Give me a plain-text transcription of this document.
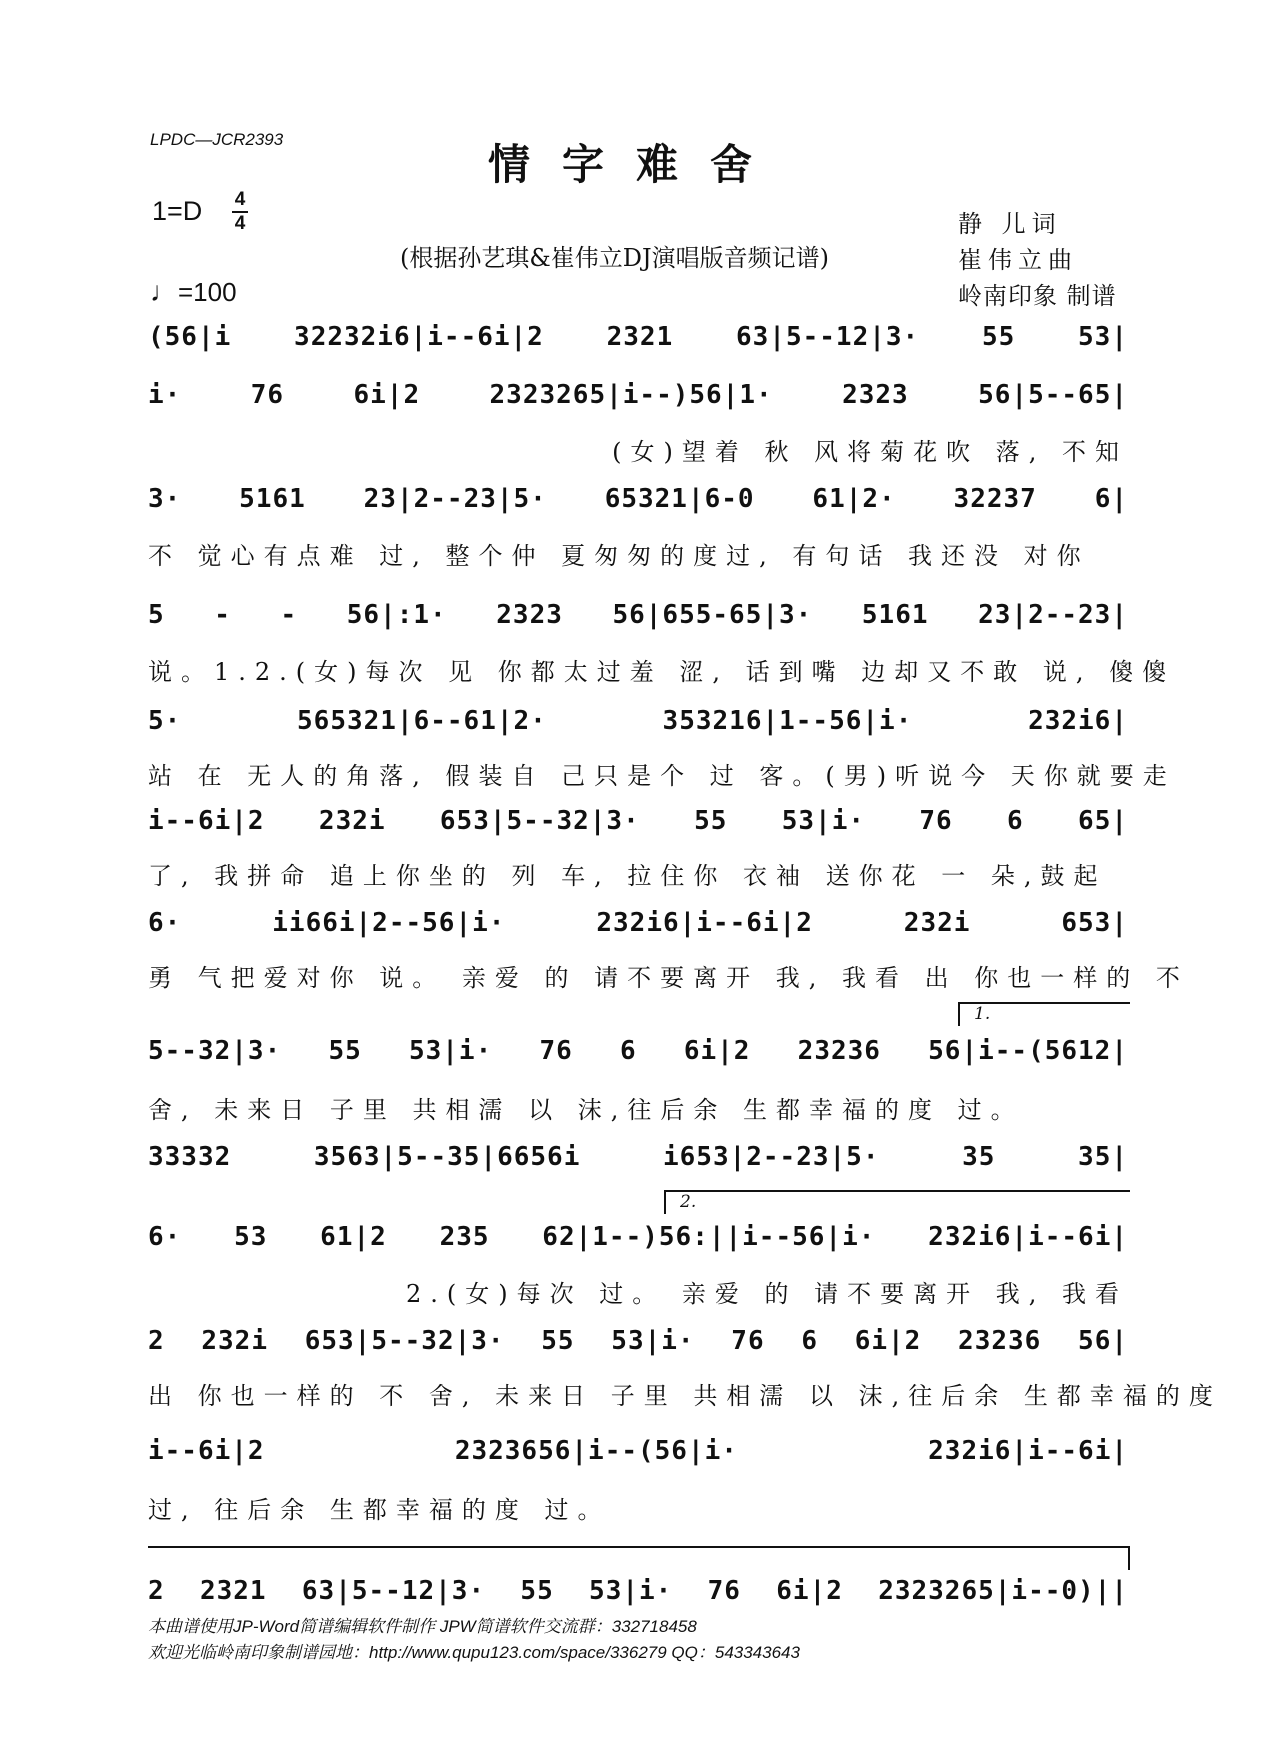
LPDC—JCR2393
情字难舍
1=D 4
4
♩=100
(根据孙艺琪&崔伟立DJ演唱版音频记谱)
静 儿词
崔伟立曲
岭南印象 制谱
(56|i 32232i6|i--6i|2 2321 63|5--12|3· 55 53|
i· 76 6i|2 2323265|i--)56|1· 2323 56|5--65|
(女)望着 秋 风将菊花吹 落, 不知
3· 5161 23|2--23|5· 65321|6-0 61|2· 32237 6|
不 觉心有点难 过, 整个仲 夏匆匆的度过, 有句话 我还没 对你
5 - - 56|:1· 2323 56|655-65|3· 5161 23|2--23|
说。1.2.(女)每次 见 你都太过羞 涩, 话到嘴 边却又不敢 说, 傻傻
5· 565321|6--61|2· 353216|1--56|i· 232i6|
站 在 无人的角落, 假装自 己只是个 过 客。(男)听说今 天你就要走
i--6i|2 232i 653|5--32|3· 55 53|i· 76 6 65|
了, 我拼命 追上你坐的 列 车, 拉住你 衣袖 送你花 一 朵,鼓起
6· ii66i|2--56|i· 232i6|i--6i|2 232i 653|
勇 气把爱对你 说。 亲爱 的 请不要离开 我, 我看 出 你也一样的 不
1.
5--32|3· 55 53|i· 76 6 6i|2 23236 56|i--(5612|
舍, 未来日 子里 共相濡 以 沫,往后余 生都幸福的度 过。
33332 3563|5--35|6656i i653|2--23|5· 35 35|
2.
6· 53 61|2 235 62|1--)56:||i--56|i· 232i6|i--6i|
2.(女)每次 过。 亲爱 的 请不要离开 我, 我看
2 232i 653|5--32|3· 55 53|i· 76 6 6i|2 23236 56|
出 你也一样的 不 舍, 未来日 子里 共相濡 以 沫,往后余 生都幸福的度
i--6i|2 2323656|i--(56|i· 232i6|i--6i|
过, 往后余 生都幸福的度 过。
2 2321 63|5--12|3· 55 53|i· 76 6i|2 2323265|i--0)||
本曲谱使用JP-Word简谱编辑软件制作 JPW简谱软件交流群：332718458
欢迎光临岭南印象制谱园地：http://www.qupu123.com/space/336279 QQ：543343643
